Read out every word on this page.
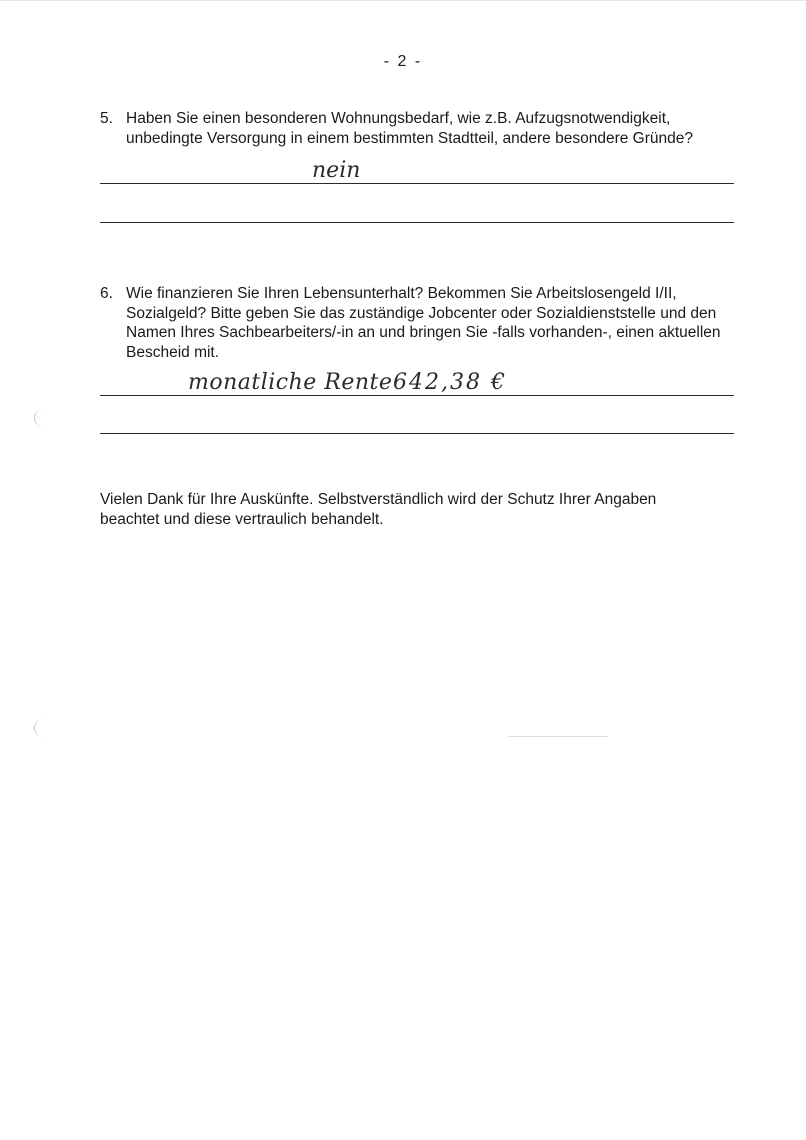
- 2 -
5. Haben Sie einen besonderen Wohnungsbedarf, wie z.B. Aufzugsnotwendigkeit, unbedingte Versorgung in einem bestimmten Stadtteil, andere besondere Gründe?
nein
6. Wie finanzieren Sie Ihren Lebensunterhalt? Bekommen Sie Arbeitslosengeld I/II, Sozialgeld? Bitte geben Sie das zuständige Jobcenter oder Sozialdienststelle und den Namen Ihres Sachbearbeiters/-in an und bringen Sie -falls vorhanden-, einen aktuellen Bescheid mit.
monatliche Rente 642,38 €
Vielen Dank für Ihre Auskünfte. Selbstverständlich wird der Schutz Ihrer Angaben beachtet und diese vertraulich behandelt.
